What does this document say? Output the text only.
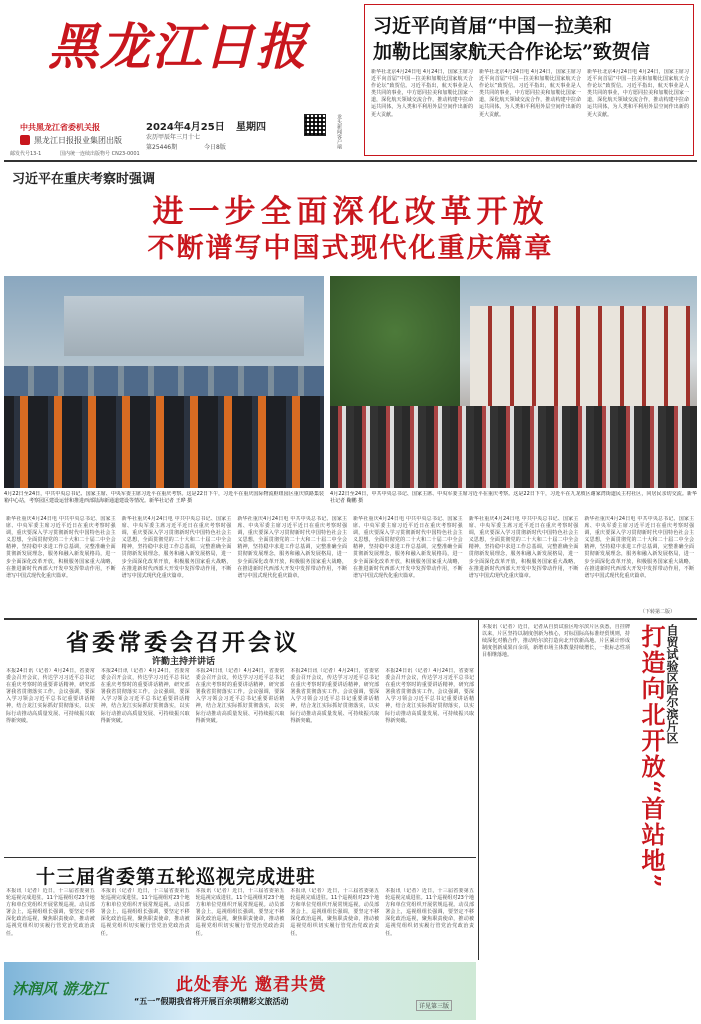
黑龙江日报
中共黑龙江省委机关报
黑龙江日报报业集团出版
2024年4月25日 星期四
农历甲辰年三月十七
第25446期	今日8版	龙头新闻客户端
邮发代号13-1	国内统一连续出版物号 CN23-0001
习近平向首届“中国－拉美和
加勒比国家航天合作论坛”致贺信
新华社北京4月24日电 4月24日，国家主席习近平向首届“中国－拉美和加勒比国家航天合作论坛”致贺信。习近平指出，航天事业是人类共同的事业，中方愿同拉美和加勒比国家一道，深化航天领域交流合作，推动构建中拉命运共同体，为人类和平利用外层空间作出新的更大贡献。
新华社北京4月24日电 4月24日，国家主席习近平向首届“中国－拉美和加勒比国家航天合作论坛”致贺信。习近平指出，航天事业是人类共同的事业，中方愿同拉美和加勒比国家一道，深化航天领域交流合作，推动构建中拉命运共同体，为人类和平利用外层空间作出新的更大贡献。
新华社北京4月24日电 4月24日，国家主席习近平向首届“中国－拉美和加勒比国家航天合作论坛”致贺信。习近平指出，航天事业是人类共同的事业，中方愿同拉美和加勒比国家一道，深化航天领域交流合作，推动构建中拉命运共同体，为人类和平利用外层空间作出新的更大贡献。
习近平在重庆考察时强调
进一步全面深化改革开放
不断谱写中国式现代化重庆篇章
4月22日至24日，中共中央总书记、国家主席、中央军委主席习近平在重庆考察。这是22日下午，习近平在重庆国际物流枢纽园区重庆铁路集装箱中心站，考察园区建设运营和推进西部陆海新通道建设等情况。新华社记者 王晔 摄
4月22日至24日，中共中央总书记、国家主席、中央军委主席习近平在重庆考察。这是22日下午，习近平在九龙坡区谢家湾街道民主村社区，同居民亲切交流。新华社记者 鞠鹏 摄
新华社重庆4月24日电 中共中央总书记、国家主席、中央军委主席习近平近日在重庆考察时强调，重庆要深入学习贯彻新时代中国特色社会主义思想，全面贯彻党的二十大和二十届二中全会精神，坚持稳中求进工作总基调，完整准确全面贯彻新发展理念，服务和融入新发展格局，进一步全面深化改革开放，积极服务国家重大战略，在推进新时代西部大开发中发挥带动作用，不断谱写中国式现代化重庆篇章。
新华社重庆4月24日电 中共中央总书记、国家主席、中央军委主席习近平近日在重庆考察时强调，重庆要深入学习贯彻新时代中国特色社会主义思想，全面贯彻党的二十大和二十届二中全会精神，坚持稳中求进工作总基调，完整准确全面贯彻新发展理念，服务和融入新发展格局，进一步全面深化改革开放，积极服务国家重大战略，在推进新时代西部大开发中发挥带动作用，不断谱写中国式现代化重庆篇章。
新华社重庆4月24日电 中共中央总书记、国家主席、中央军委主席习近平近日在重庆考察时强调，重庆要深入学习贯彻新时代中国特色社会主义思想，全面贯彻党的二十大和二十届二中全会精神，坚持稳中求进工作总基调，完整准确全面贯彻新发展理念，服务和融入新发展格局，进一步全面深化改革开放，积极服务国家重大战略，在推进新时代西部大开发中发挥带动作用，不断谱写中国式现代化重庆篇章。
新华社重庆4月24日电 中共中央总书记、国家主席、中央军委主席习近平近日在重庆考察时强调，重庆要深入学习贯彻新时代中国特色社会主义思想，全面贯彻党的二十大和二十届二中全会精神，坚持稳中求进工作总基调，完整准确全面贯彻新发展理念，服务和融入新发展格局，进一步全面深化改革开放，积极服务国家重大战略，在推进新时代西部大开发中发挥带动作用，不断谱写中国式现代化重庆篇章。
新华社重庆4月24日电 中共中央总书记、国家主席、中央军委主席习近平近日在重庆考察时强调，重庆要深入学习贯彻新时代中国特色社会主义思想，全面贯彻党的二十大和二十届二中全会精神，坚持稳中求进工作总基调，完整准确全面贯彻新发展理念，服务和融入新发展格局，进一步全面深化改革开放，积极服务国家重大战略，在推进新时代西部大开发中发挥带动作用，不断谱写中国式现代化重庆篇章。
新华社重庆4月24日电 中共中央总书记、国家主席、中央军委主席习近平近日在重庆考察时强调，重庆要深入学习贯彻新时代中国特色社会主义思想，全面贯彻党的二十大和二十届二中全会精神，坚持稳中求进工作总基调，完整准确全面贯彻新发展理念，服务和融入新发展格局，进一步全面深化改革开放，积极服务国家重大战略，在推进新时代西部大开发中发挥带动作用，不断谱写中国式现代化重庆篇章。
（下转第二版）
省委常委会召开会议
许勤主持并讲话
本报24日讯（记者）4月24日，省委常委会召开会议，传达学习习近平总书记在重庆考察时的重要讲话精神，研究部署我省贯彻落实工作。会议强调，要深入学习领会习近平总书记重要讲话精神，结合龙江实际抓好贯彻落实，以实际行动推动高质量发展、可持续振兴取得新突破。
本报24日讯（记者）4月24日，省委常委会召开会议，传达学习习近平总书记在重庆考察时的重要讲话精神，研究部署我省贯彻落实工作。会议强调，要深入学习领会习近平总书记重要讲话精神，结合龙江实际抓好贯彻落实，以实际行动推动高质量发展、可持续振兴取得新突破。
本报24日讯（记者）4月24日，省委常委会召开会议，传达学习习近平总书记在重庆考察时的重要讲话精神，研究部署我省贯彻落实工作。会议强调，要深入学习领会习近平总书记重要讲话精神，结合龙江实际抓好贯彻落实，以实际行动推动高质量发展、可持续振兴取得新突破。
本报24日讯（记者）4月24日，省委常委会召开会议，传达学习习近平总书记在重庆考察时的重要讲话精神，研究部署我省贯彻落实工作。会议强调，要深入学习领会习近平总书记重要讲话精神，结合龙江实际抓好贯彻落实，以实际行动推动高质量发展、可持续振兴取得新突破。
本报24日讯（记者）4月24日，省委常委会召开会议，传达学习习近平总书记在重庆考察时的重要讲话精神，研究部署我省贯彻落实工作。会议强调，要深入学习领会习近平总书记重要讲话精神，结合龙江实际抓好贯彻落实，以实际行动推动高质量发展、可持续振兴取得新突破。
十三届省委第五轮巡视完成进驻
本报讯（记者）近日，十三届省委第五轮巡视完成进驻。11个巡视组对23个地方和单位党组织开展常规巡视。动员部署会上，巡视组组长强调，要坚定不移深化政治巡视，聚焦职责使命，推动被巡视党组织切实履行管党治党政治责任。
本报讯（记者）近日，十三届省委第五轮巡视完成进驻。11个巡视组对23个地方和单位党组织开展常规巡视。动员部署会上，巡视组组长强调，要坚定不移深化政治巡视，聚焦职责使命，推动被巡视党组织切实履行管党治党政治责任。
本报讯（记者）近日，十三届省委第五轮巡视完成进驻。11个巡视组对23个地方和单位党组织开展常规巡视。动员部署会上，巡视组组长强调，要坚定不移深化政治巡视，聚焦职责使命，推动被巡视党组织切实履行管党治党政治责任。
本报讯（记者）近日，十三届省委第五轮巡视完成进驻。11个巡视组对23个地方和单位党组织开展常规巡视。动员部署会上，巡视组组长强调，要坚定不移深化政治巡视，聚焦职责使命，推动被巡视党组织切实履行管党治党政治责任。
本报讯（记者）近日，十三届省委第五轮巡视完成进驻。11个巡视组对23个地方和单位党组织开展常规巡视。动员部署会上，巡视组组长强调，要坚定不移深化政治巡视，聚焦职责使命，推动被巡视党组织切实履行管党治党政治责任。
本报讯（记者）近日，记者从自贸试验区哈尔滨片区获悉，自挂牌以来，片区坚持以制度创新为核心，对标国际高标准经贸规则，持续深化对俄合作，推动哈尔滨打造向北开放新高地。片区累计形成制度创新成果百余项，新增市场主体数量持续增长，一批标志性项目相继落地。	自贸试验区哈尔滨片区
打造向北开放“首站地”
沐润风 游龙江	此处春光 邀君共赏
“五一”假期我省将开展百余项精彩文旅活动
详见第三版
